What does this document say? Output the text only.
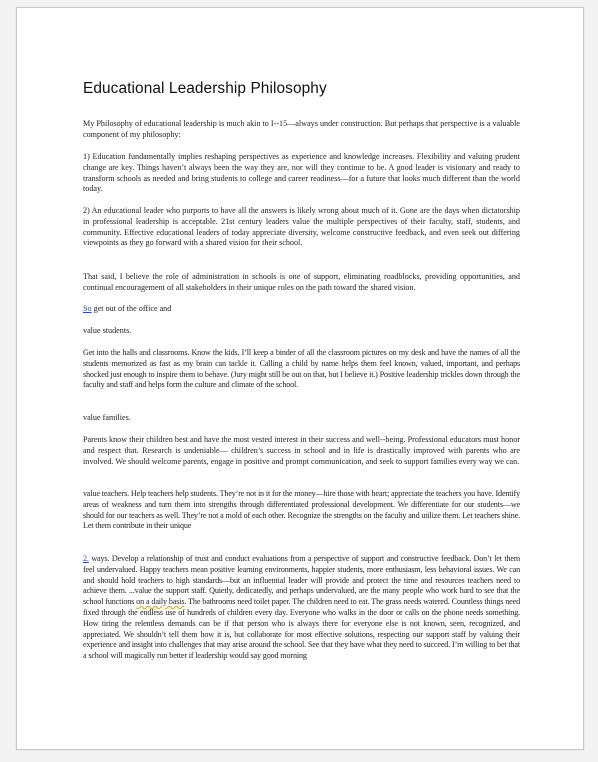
Educational Leadership Philosophy
My Philosophy of educational leadership is much akin to I--15—always under construction. But perhaps that perspective is a valuable component of my philosophy:
1) Education fundamentally implies reshaping perspectives as experience and knowledge increases. Flexibility and valuing prudent change are key. Things haven’t always been the way they are, nor will they continue to be. A good leader is visionary and ready to transform schools as needed and bring students to college and career readiness—for a future that looks much different than the world today.
2) An educational leader who purports to have all the answers is likely wrong about much of it. Gone are the days when dictatorship in professional leadership is acceptable. 21st century leaders value the multiple perspectives of their faculty, staff, students, and community. Effective educational leaders of today appreciate diversity, welcome constructive feedback, and even seek out differing viewpoints as they go forward with a shared vision for their school.
That said, I believe the role of administration in schools is one of support, eliminating roadblocks, providing opportunities, and continual encouragement of all stakeholders in their unique roles on the path toward the shared vision.
So get out of the office and
value students.
Get into the halls and classrooms. Know the kids. I’ll keep a binder of all the classroom pictures on my desk and have the names of all the students memorized as fast as my brain can tackle it. Calling a child by name helps them feel known, valued, important, and perhaps shocked just enough to inspire them to behave. (Jury might still be out on that, but I believe it.) Positive leadership trickles down through the faculty and staff and helps form the culture and climate of the school.
value families.
Parents know their children best and have the most vested interest in their success and well--being. Professional educators must honor and respect that. Research is undeniable— children’s success in school and in life is drastically improved with parents who are involved. We should welcome parents, engage in positive and prompt communication, and seek to support families every way we can.
value teachers. Help teachers help students. They’re not in it for the money—hire those with heart; appreciate the teachers you have. Identify areas of weakness and turn them into strengths through differentiated professional development. We differentiate for our students—we should for our teachers as well. They’re not a mold of each other. Recognize the strengths on the faculty and utilize them. Let teachers shine. Let them contribute in their unique
2. ways. Develop a relationship of trust and conduct evaluations from a perspective of support and constructive feedback. Don’t let them feel undervalued. Happy teachers mean positive learning environments, happier students, more enthusiasm, less behavioral issues. We can and should hold teachers to high standards—but an influential leader will provide and protect the time and resources teachers need to achieve them. ...value the support staff. Quietly, dedicatedly, and perhaps undervalued, are the many people who work hard to see that the school functions on a daily basis. The bathrooms need toilet paper. The children need to eat. The grass needs watered. Countless things need fixed through the endless use of hundreds of children every day. Everyone who walks in the door or calls on the phone needs something. How tiring the relentless demands can be if that person who is always there for everyone else is not known, seen, recognized, and appreciated. We shouldn’t tell them how it is, but collaborate for most effective solutions, respecting our support staff by valuing their experience and insight into challenges that may arise around the school. See that they have what they need to succeed. I’m willing to bet that a school will magically run better if leadership would say good morning
